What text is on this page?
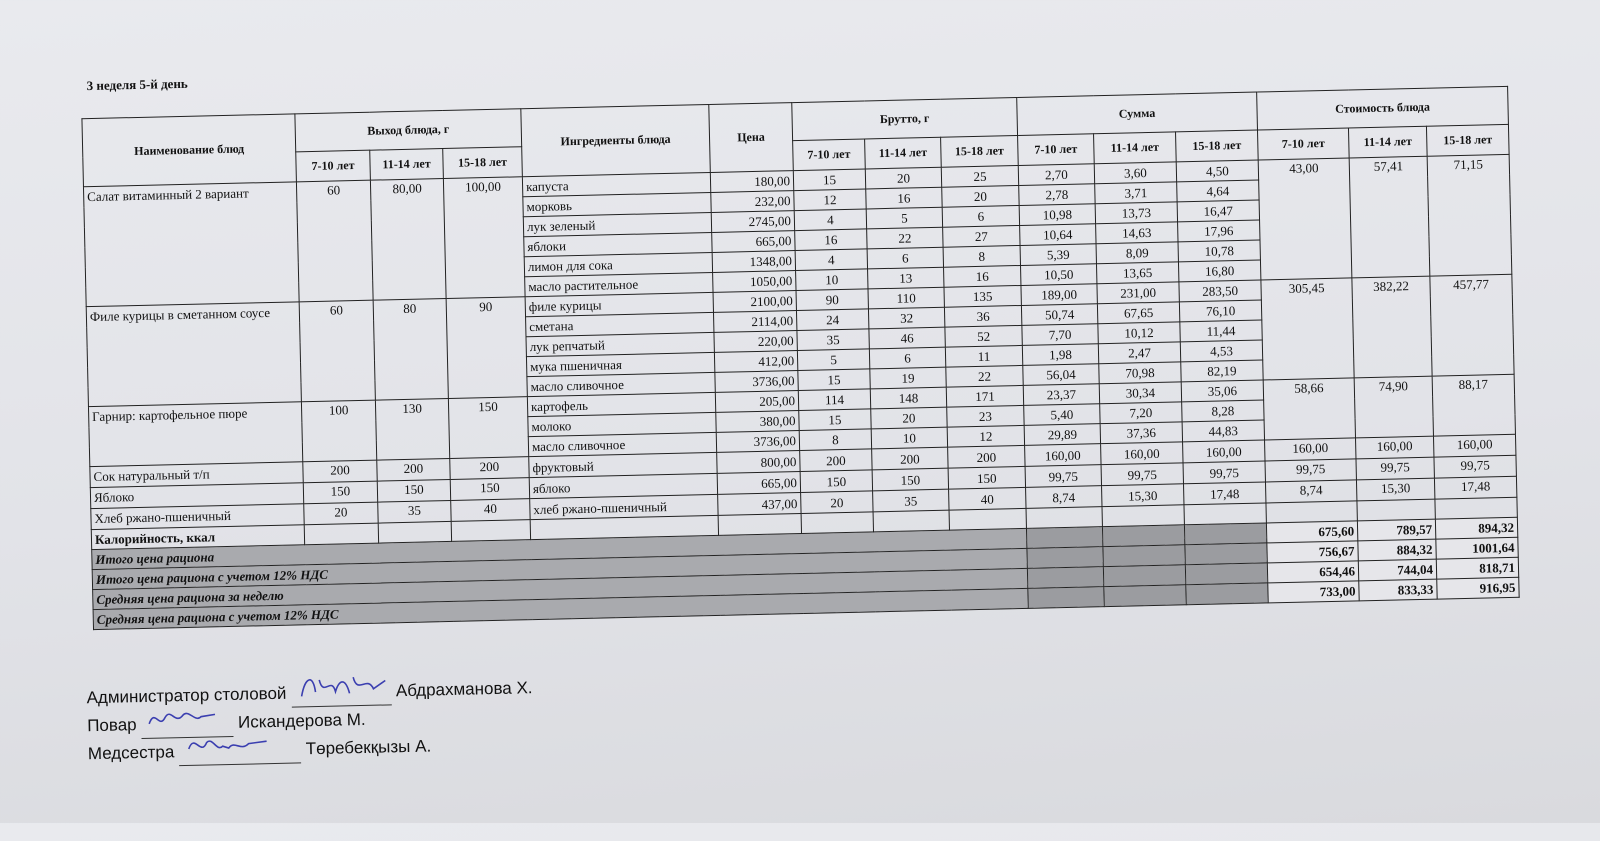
3 неделя 5-й день
Наименование блюд	Выход блюда, г			Ингредиенты блюда	Цена	Брутто, г			Сумма			Стоимость блюда		
	7-10 лет	11-14 лет	15-18 лет			7-10 лет	11-14 лет	15-18 лет	7-10 лет	11-14 лет	15-18 лет	7-10 лет	11-14 лет	15-18 лет
Салат витаминный 2 вариант	60	80,00	100,00	капуста	180,00	15	20	25	2,70	3,60	4,50	43,00	57,41	71,15
				морковь	232,00	12	16	20	2,78	3,71	4,64			
				лук зеленый	2745,00	4	5	6	10,98	13,73	16,47			
				яблоки	665,00	16	22	27	10,64	14,63	17,96			
				лимон для сока	1348,00	4	6	8	5,39	8,09	10,78			
				масло растительное	1050,00	10	13	16	10,50	13,65	16,80			
Филе курицы в сметанном соусе	60	80	90	филе курицы	2100,00	90	110	135	189,00	231,00	283,50	305,45	382,22	457,77
				сметана	2114,00	24	32	36	50,74	67,65	76,10			
				лук репчатый	220,00	35	46	52	7,70	10,12	11,44			
				мука пшеничная	412,00	5	6	11	1,98	2,47	4,53			
				масло сливочное	3736,00	15	19	22	56,04	70,98	82,19			
Гарнир: картофельное пюре	100	130	150	картофель	205,00	114	148	171	23,37	30,34	35,06	58,66	74,90	88,17
				молоко	380,00	15	20	23	5,40	7,20	8,28			
				масло сливочное	3736,00	8	10	12	29,89	37,36	44,83			
Сок натуральный т/п	200	200	200	фруктовый	800,00	200	200	200	160,00	160,00	160,00	160,00	160,00	160,00
Яблоко	150	150	150	яблоко	665,00	150	150	150	99,75	99,75	99,75	99,75	99,75	99,75
Хлеб ржано-пшеничный	20	35	40	хлеб ржано-пшеничный	437,00	20	35	40	8,74	15,30	17,48	8,74	15,30	17,48
Калорийность, ккал														
Итого цена рациона												675,60	789,57	894,32
Итого цена рациона с учетом 12% НДС												756,67	884,32	1001,64
Средняя цена рациона за неделю												654,46	744,04	818,71
Средняя цена рациона с учетом 12% НДС												733,00	833,33	916,95
Администратор столовой	Абдрахманова Х.
Повар	Искандерова М.
Медсестра	Төребекқызы А.
